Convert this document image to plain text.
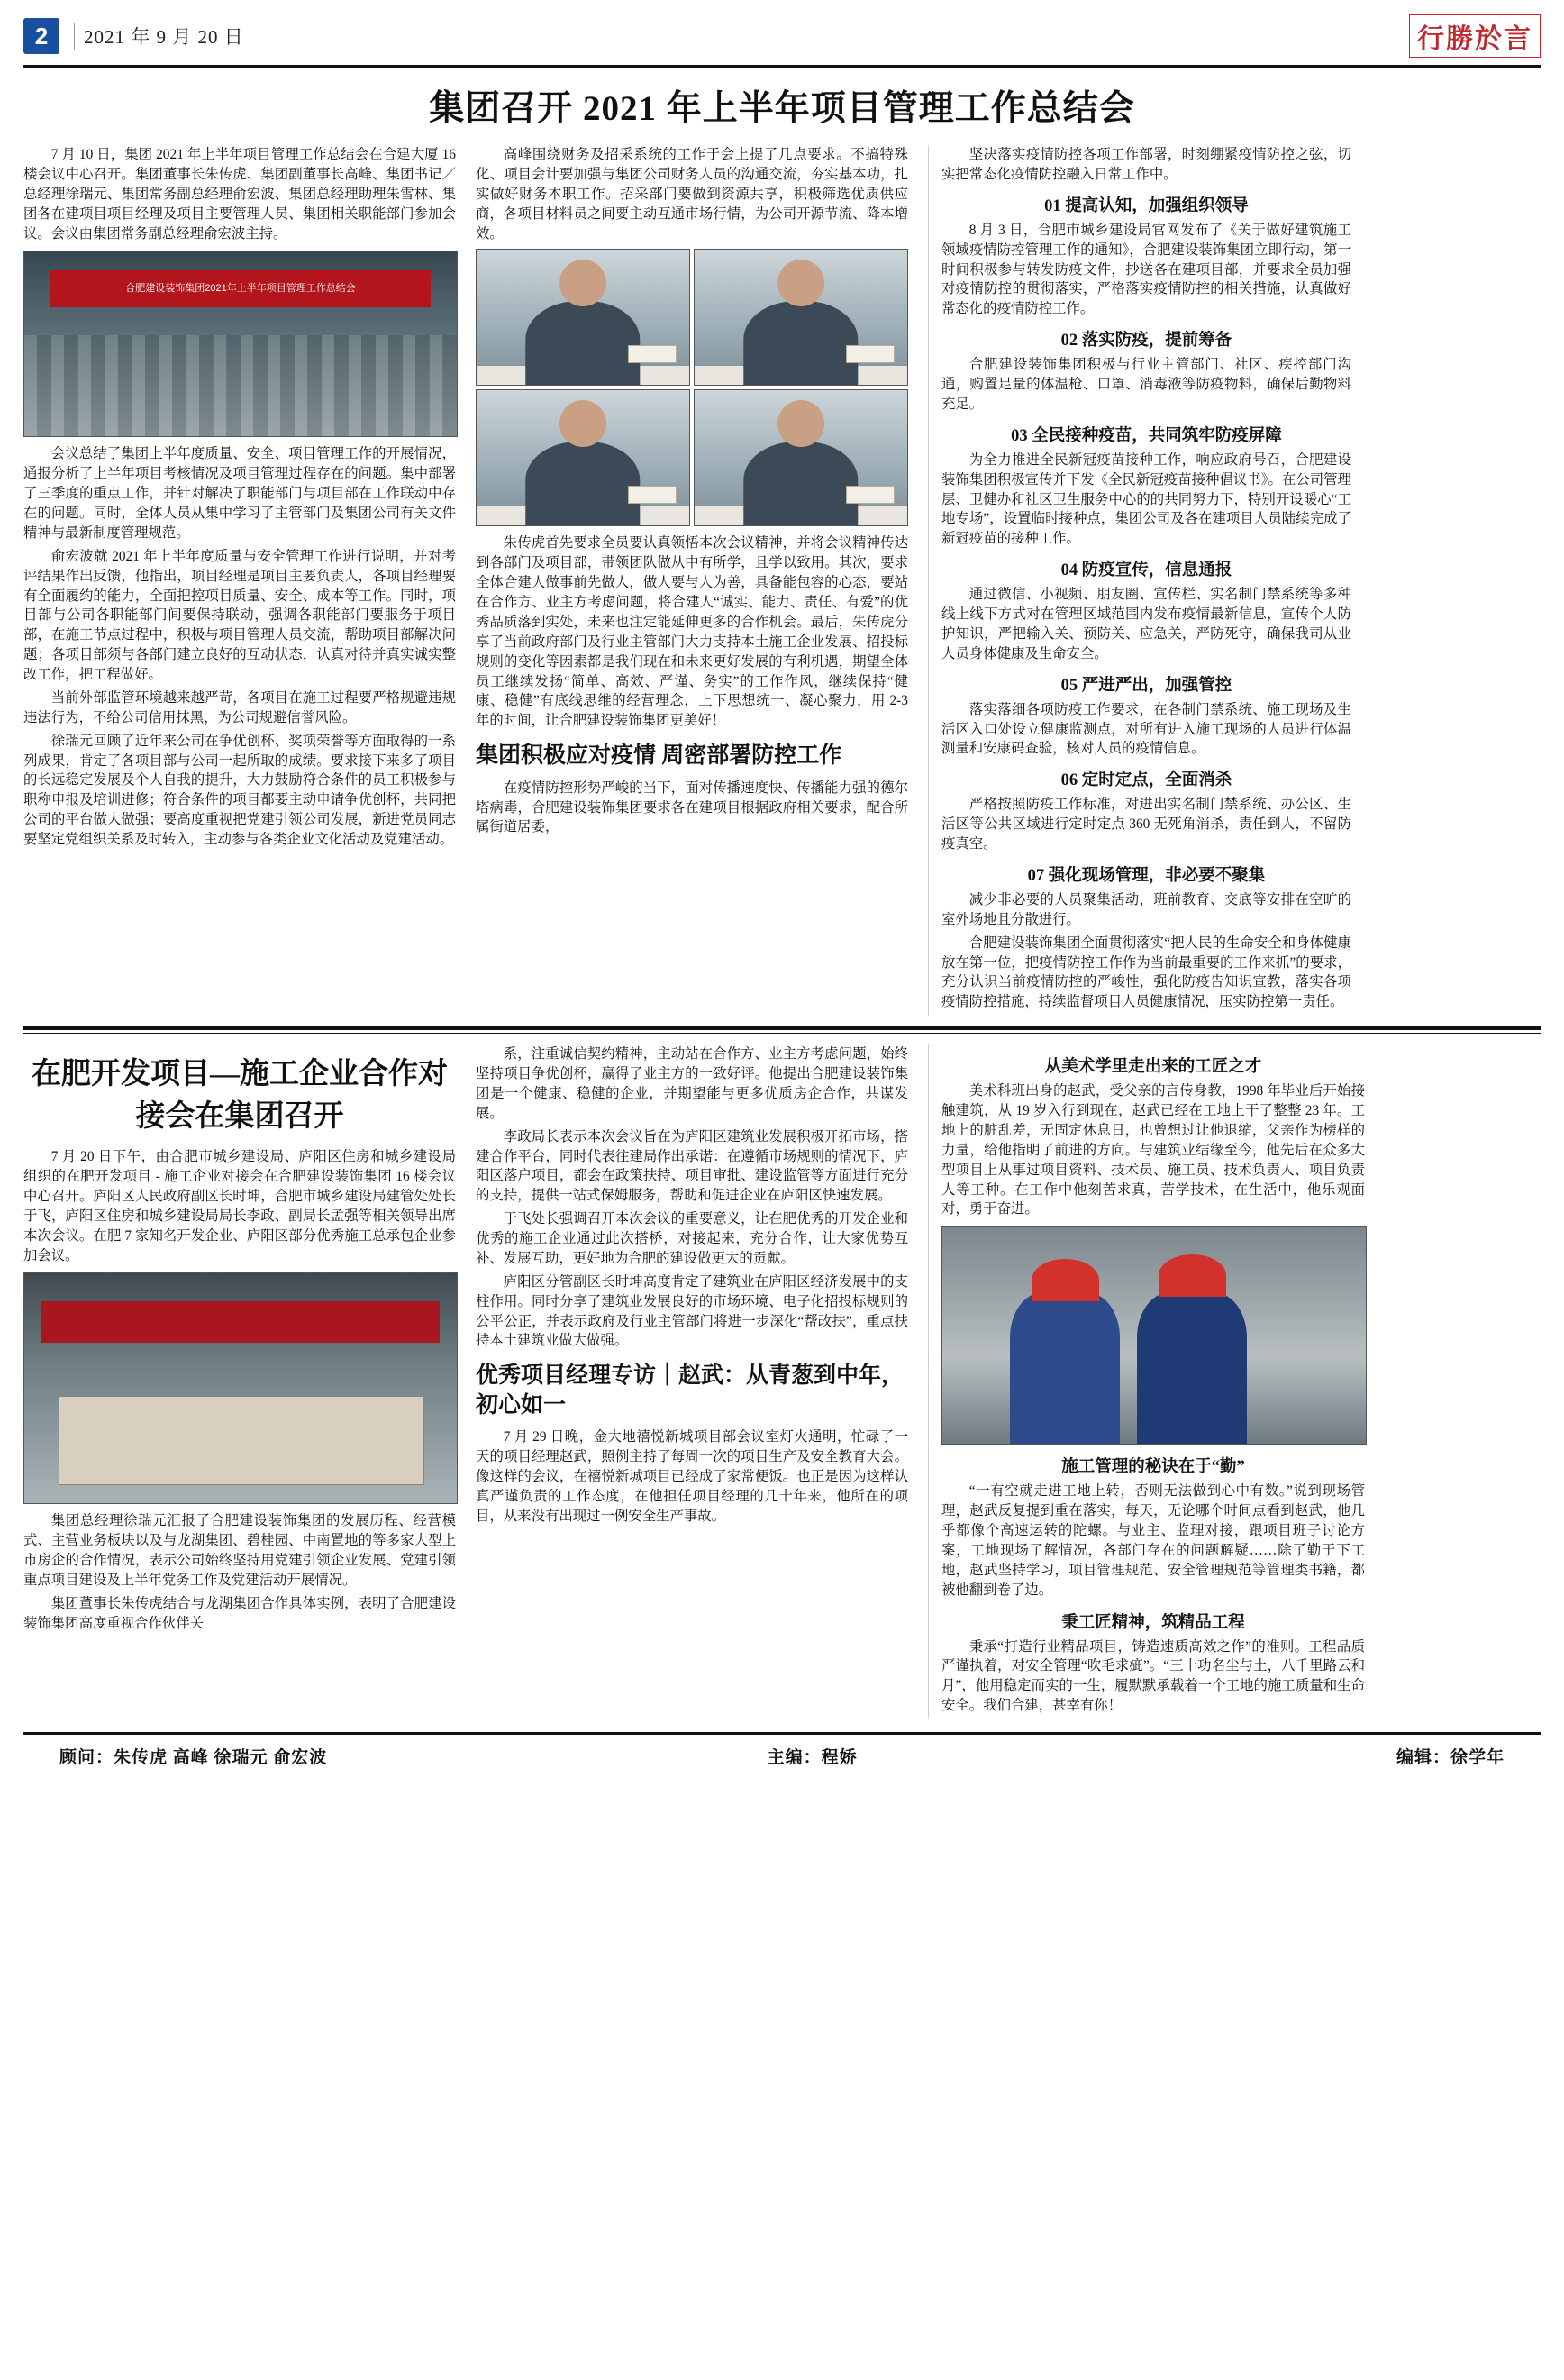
2	2021 年 9 月 20 日	行勝於言
集团召开 2021 年上半年项目管理工作总结会

7 月 10 日，集团 2021 年上半年项目管理工作总结会在合建大厦 16 楼会议中心召开。集团董事长朱传虎、集团副董事长高峰、集团书记／总经理徐瑞元、集团常务副总经理俞宏波、集团总经理助理朱雪林、集团各在建项目项目经理及项目主要管理人员、集团相关职能部门参加会议。会议由集团常务副总经理俞宏波主持。

合肥建设装饰集团2021年上半年项目管理工作总结会

会议总结了集团上半年度质量、安全、项目管理工作的开展情况，通报分析了上半年项目考核情况及项目管理过程存在的问题。集中部署了三季度的重点工作，并针对解决了职能部门与项目部在工作联动中存在的问题。同时，全体人员从集中学习了主管部门及集团公司有关文件精神与最新制度管理规范。

俞宏波就 2021 年上半年度质量与安全管理工作进行说明，并对考评结果作出反馈，他指出，项目经理是项目主要负责人，各项目经理要有全面履约的能力，全面把控项目质量、安全、成本等工作。同时，项目部与公司各职能部门间要保持联动，强调各职能部门要服务于项目部，在施工节点过程中，积极与项目管理人员交流，帮助项目部解决问题；各项目部须与各部门建立良好的互动状态，认真对待并真实诚实整改工作，把工程做好。

当前外部监管环境越来越严苛，各项目在施工过程要严格规避违规违法行为，不给公司信用抹黑，为公司规避信誉风险。

徐瑞元回顾了近年来公司在争优创杯、奖项荣誉等方面取得的一系列成果，肯定了各项目部与公司一起所取的成绩。要求接下来多了项目的长远稳定发展及个人自我的提升，大力鼓励符合条件的员工积极参与职称申报及培训进修；符合条件的项目都要主动申请争优创杯，共同把公司的平台做大做强；要高度重视把党建引领公司发展，新进党员同志要坚定党组织关系及时转入，主动参与各类企业文化活动及党建活动。

高峰围绕财务及招采系统的工作于会上提了几点要求。不搞特殊化、项目会计要加强与集团公司财务人员的沟通交流，夯实基本功，扎实做好财务本职工作。招采部门要做到资源共享，积极筛选优质供应商，各项目材料员之间要主动互通市场行情，为公司开源节流、降本增效。

朱传虎首先要求全员要认真领悟本次会议精神，并将会议精神传达到各部门及项目部，带领团队做从中有所学，且学以致用。其次，要求全体合建人做事前先做人，做人要与人为善，具备能包容的心态，要站在合作方、业主方考虑问题，将合建人“诚实、能力、责任、有爱”的优秀品质落到实处，未来也注定能延伸更多的合作机会。最后，朱传虎分享了当前政府部门及行业主管部门大力支持本土施工企业发展、招投标规则的变化等因素都是我们现在和未来更好发展的有利机遇，期望全体员工继续发扬“简单、高效、严谨、务实”的工作作风，继续保持“健康、稳健”有底线思维的经营理念，上下思想统一、凝心聚力，用 2-3 年的时间，让合肥建设装饰集团更美好！

集团积极应对疫情 周密部署防控工作

在疫情防控形势严峻的当下，面对传播速度快、传播能力强的德尔塔病毒，合肥建设装饰集团要求各在建项目根据政府相关要求，配合所属街道居委，

坚决落实疫情防控各项工作部署，时刻绷紧疫情防控之弦，切实把常态化疫情防控融入日常工作中。

01 提高认知，加强组织领导

8 月 3 日，合肥市城乡建设局官网发布了《关于做好建筑施工领域疫情防控管理工作的通知》，合肥建设装饰集团立即行动，第一时间积极参与转发防疫文件，抄送各在建项目部，并要求全员加强对疫情防控的贯彻落实，严格落实疫情防控的相关措施，认真做好常态化的疫情防控工作。

02 落实防疫，提前筹备

合肥建设装饰集团积极与行业主管部门、社区、疾控部门沟通，购置足量的体温枪、口罩、消毒液等防疫物料，确保后勤物料充足。

03 全民接种疫苗，共同筑牢防疫屏障

为全力推进全民新冠疫苗接种工作，响应政府号召，合肥建设装饰集团积极宣传并下发《全民新冠疫苗接种倡议书》。在公司管理层、卫健办和社区卫生服务中心的的共同努力下，特别开设暖心“工地专场”，设置临时接种点，集团公司及各在建项目人员陆续完成了新冠疫苗的接种工作。

04 防疫宣传，信息通报

通过微信、小视频、朋友圈、宣传栏、实名制门禁系统等多种线上线下方式对在管理区域范围内发布疫情最新信息，宣传个人防护知识，严把输入关、预防关、应急关，严防死守，确保我司从业人员身体健康及生命安全。

05 严进严出，加强管控

落实落细各项防疫工作要求，在各制门禁系统、施工现场及生活区入口处设立健康监测点，对所有进入施工现场的人员进行体温测量和安康码查验，核对人员的疫情信息。

06 定时定点，全面消杀

严格按照防疫工作标准，对进出实名制门禁系统、办公区、生活区等公共区域进行定时定点 360 无死角消杀，责任到人，不留防疫真空。

07 强化现场管理，非必要不聚集

减少非必要的人员聚集活动，班前教育、交底等安排在空旷的室外场地且分散进行。

合肥建设装饰集团全面贯彻落实“把人民的生命安全和身体健康放在第一位，把疫情防控工作作为当前最重要的工作来抓”的要求，充分认识当前疫情防控的严峻性，强化防疫告知识宣教，落实各项疫情防控措施，持续监督项目人员健康情况，压实防控第一责任。

在肥开发项目—施工企业合作对接会在集团召开

7 月 20 日下午，由合肥市城乡建设局、庐阳区住房和城乡建设局组织的在肥开发项目 - 施工企业对接会在合肥建设装饰集团 16 楼会议中心召开。庐阳区人民政府副区长时坤，合肥市城乡建设局建管处处长于飞，庐阳区住房和城乡建设局局长李政、副局长孟强等相关领导出席本次会议。在肥 7 家知名开发企业、庐阳区部分优秀施工总承包企业参加会议。

集团总经理徐瑞元汇报了合肥建设装饰集团的发展历程、经营模式、主营业务板块以及与龙湖集团、碧桂园、中南置地的等多家大型上市房企的合作情况，表示公司始终坚持用党建引领企业发展、党建引领重点项目建设及上半年党务工作及党建活动开展情况。

集团董事长朱传虎结合与龙湖集团合作具体实例，表明了合肥建设装饰集团高度重视合作伙伴关

系，注重诚信契约精神，主动站在合作方、业主方考虑问题，始终坚持项目争优创杯，赢得了业主方的一致好评。他提出合肥建设装饰集团是一个健康、稳健的企业，并期望能与更多优质房企合作，共谋发展。

李政局长表示本次会议旨在为庐阳区建筑业发展积极开拓市场，搭建合作平台，同时代表往建局作出承诺：在遵循市场规则的情况下，庐阳区落户项目，都会在政策扶持、项目审批、建设监管等方面进行充分的支持，提供一站式保姆服务，帮助和促进企业在庐阳区快速发展。

于飞处长强调召开本次会议的重要意义，让在肥优秀的开发企业和优秀的施工企业通过此次搭桥，对接起来，充分合作，让大家优势互补、发展互助，更好地为合肥的建设做更大的贡献。

庐阳区分管副区长时坤高度肯定了建筑业在庐阳区经济发展中的支柱作用。同时分享了建筑业发展良好的市场环境、电子化招投标规则的公平公正，并表示政府及行业主管部门将进一步深化“帮改扶”，重点扶持本土建筑业做大做强。

优秀项目经理专访｜赵武：从青葱到中年，初心如一

7 月 29 日晚，金大地禧悦新城项目部会议室灯火通明，忙碌了一天的项目经理赵武，照例主持了每周一次的项目生产及安全教育大会。像这样的会议，在禧悦新城项目已经成了家常便饭。也正是因为这样认真严谨负责的工作态度，在他担任项目经理的几十年来，他所在的项目，从来没有出现过一例安全生产事故。

从美术学里走出来的工匠之才

美术科班出身的赵武，受父亲的言传身教，1998 年毕业后开始接触建筑，从 19 岁入行到现在，赵武已经在工地上干了整整 23 年。工地上的脏乱差，无固定休息日，也曾想过让他退缩，父亲作为榜样的力量，给他指明了前进的方向。与建筑业结缘至今，他先后在众多大型项目上从事过项目资料、技术员、施工员、技术负责人、项目负责人等工种。在工作中他刻苦求真，苦学技术，在生活中，他乐观面对，勇于奋进。

施工管理的秘诀在于“勤”

“一有空就走进工地上转，否则无法做到心中有数。”说到现场管理，赵武反复提到重在落实，每天，无论哪个时间点看到赵武，他几乎都像个高速运转的陀螺。与业主、监理对接，跟项目班子讨论方案，工地现场了解情况，各部门存在的问题解疑……除了勤于下工地，赵武坚持学习，项目管理规范、安全管理规范等管理类书籍，都被他翻到卷了边。

秉工匠精神，筑精品工程

秉承“打造行业精品项目，铸造速质高效之作”的准则。工程品质严谨执着，对安全管理“吹毛求疵”。“三十功名尘与土，八千里路云和月”，他用稳定而实的一生，履默默承载着一个工地的施工质量和生命安全。我们合建，甚幸有你！

顾问：朱传虎 高峰 徐瑞元 俞宏波	主编：程娇	编辑：徐学年
